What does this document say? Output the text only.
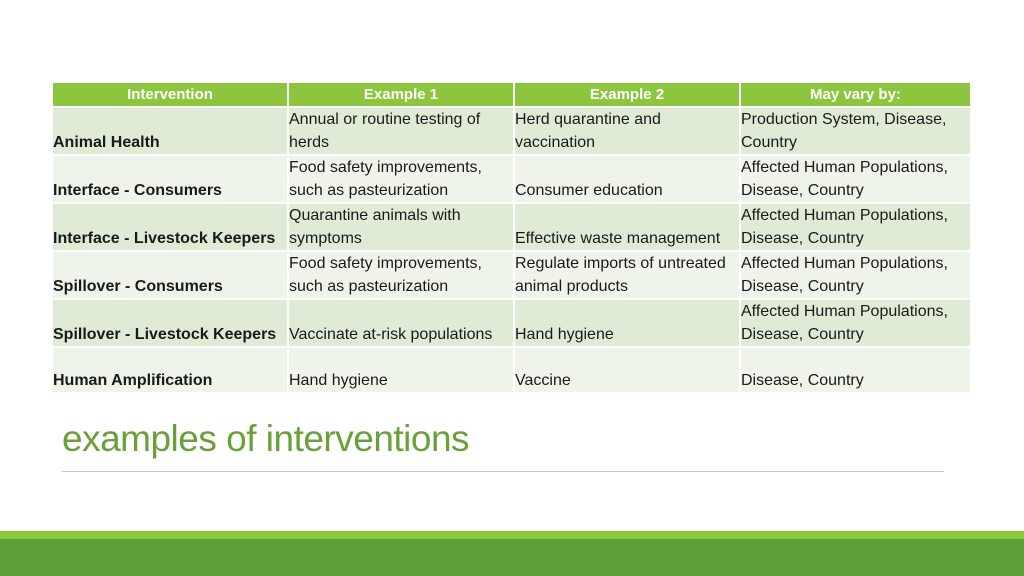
Intervention	Example 1	Example 2	May vary by:
Animal Health	Annual or routine testing of herds	Herd quarantine and vaccination	Production System, Disease, Country
Interface - Consumers	Food safety improvements, such as pasteurization	Consumer education	Affected Human Populations, Disease, Country
Interface - Livestock Keepers	Quarantine animals with symptoms	Effective waste management	Affected Human Populations, Disease, Country
Spillover - Consumers	Food safety improvements, such as pasteurization	Regulate imports of untreated animal products	Affected Human Populations, Disease, Country
Spillover - Livestock Keepers	Vaccinate at-risk populations	Hand hygiene	Affected Human Populations, Disease, Country
Human Amplification	Hand hygiene	Vaccine	Disease, Country
examples of interventions
